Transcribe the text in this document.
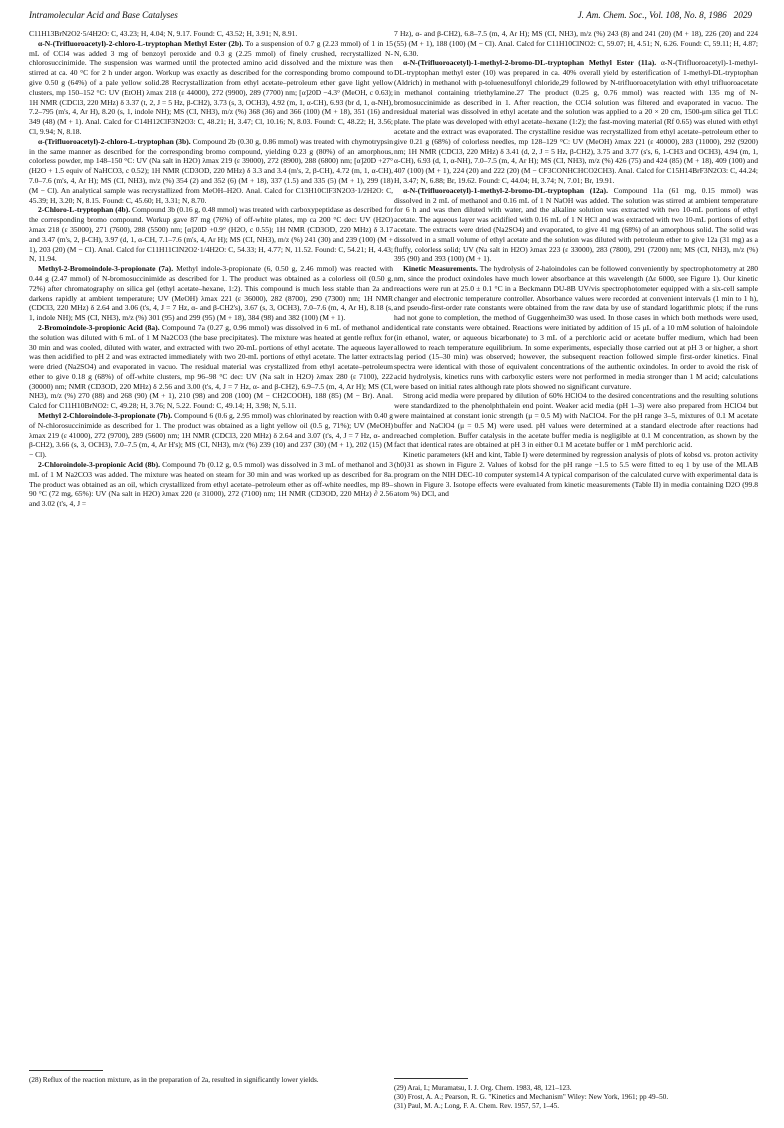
Intramolecular Acid and Base Catalyses	J. Am. Chem. Soc., Vol. 108, No. 8, 1986 2029

C11H13BrN2O2·5/4H2O: C, 43.23; H, 4.04; N, 9.17. Found: C, 43.52; H, 3.91; N, 8.91.

α-N-(Trifluoroacetyl)-2-chloro-L-tryptophan Methyl Ester (2b). To a suspension of 0.7 g (2.23 mmol) of 1 in 15 mL of CCl4 was added 3 mg of benzoyl peroxide and 0.3 g (2.25 mmol) of finely crushed, recrystallized N-chlorosuccinimide. The suspension was warmed until the protected amino acid dissolved and the mixture was then stirred at ca. 40 °C for 2 h under argon. Workup was exactly as described for the corresponding bromo compound to give 0.50 g (64%) of a pale yellow solid.28 Recrystallization from ethyl acetate–petroleum ether gave light yellow clusters, mp 150–152 °C: UV (EtOH) λmax 218 (ε 44000), 272 (9900), 289 (7700) nm; [α]20D −4.3° (MeOH, c 0.63); 1H NMR (CDCl3, 220 MHz) δ 3.37 (t, 2, J = 5 Hz, β-CH2), 3.73 (s, 3, OCH3), 4.92 (m, 1, α-CH), 6.93 (br d, 1, α-NH), 7.2–795 (m's, 4, Ar H), 8.20 (s, 1, indole NH); MS (CI, NH3), m/z (%) 368 (36) and 366 (100) (M + 18), 351 (16) and 349 (48) (M + 1). Anal. Calcd for C14H12ClF3N2O3: C, 48.21; H, 3.47; Cl, 10.16; N, 8.03. Found: C, 48.22; H, 3.56; Cl, 9.94; N, 8.18.

α-(Trifluoroacetyl)-2-chloro-L-tryptophan (3b). Compound 2b (0.30 g, 0.86 mmol) was treated with chymotrypsin in the same manner as described for the corresponding bromo compound, yielding 0.23 g (80%) of an amorphous, colorless powder, mp 148–150 °C: UV (Na salt in H2O) λmax 219 (ε 39000), 272 (8900), 288 (6800) nm; [α]20D +27° (H2O + 1.5 equiv of NaHCO3, c 0.52); 1H NMR (CD3OD, 220 MHz) δ 3.3 and 3.4 (m's, 2, β-CH), 4.72 (m, 1, α-CH), 7.0–7.6 (m's, 4, Ar H); MS (CI, NH3), m/z (%) 354 (2) and 352 (6) (M + 18), 337 (1.5) and 335 (5) (M + 1), 299 (18) (M − Cl). An analytical sample was recrystallized from MeOH–H2O. Anal. Calcd for C13H10ClF3N2O3·1/2H2O: C, 45.39; H, 3.20; N, 8.15. Found: C, 45.60; H, 3.31; N, 8.70.

2-Chloro-L-tryptophan (4b). Compound 3b (0.16 g, 0.48 mmol) was treated with carboxypeptidase as described for the corresponding bromo compound. Workup gave 87 mg (76%) of off-white plates, mp ca 200 °C dec: UV (H2O) λmax 218 (ε 35000), 271 (7600), 288 (5500) nm; [α]20D +0.9° (H2O, c 0.55); 1H NMR (CD3OD, 220 MHz) δ 3.17 and 3.47 (m's, 2, β-CH), 3.97 (d, 1, α-CH, 7.1–7.6 (m's, 4, Ar H); MS (CI, NH3), m/z (%) 241 (30) and 239 (100) (M + 1), 203 (20) (M − Cl). Anal. Calcd for C11H11ClN2O2·1/4H2O: C, 54.33; H, 4.77; N, 11.52. Found: C, 54.21; H, 4.43; N, 11.94.

Methyl-2-Bromoindole-3-propionate (7a). Methyl indole-3-propionate (6, 0.50 g, 2.46 mmol) was reacted with 0.44 g (2.47 mmol) of N-bromosuccinimide as described for 1. The product was obtained as a colorless oil (0.50 g, 72%) after chromatography on silica gel (ethyl acetate–hexane, 1:2). This compound is much less stable than 2a and darkens rapidly at ambient temperature; UV (MeOH) λmax 221 (ε 36000), 282 (8700), 290 (7300) nm; 1H NMR (CDCl3, 220 MHz) δ 2.64 and 3.06 (t's, 4, J = 7 Hz, α- and β-CH2's), 3.67 (s, 3, OCH3), 7.0–7.6 (m, 4, Ar H), 8.18 (s, 1, indole NH); MS (CI, NH3), m/z (%) 301 (95) and 299 (95) (M + 18), 384 (98) and 382 (100) (M + 1).

2-Bromoindole-3-propionic Acid (8a). Compound 7a (0.27 g, 0.96 mmol) was dissolved in 6 mL of methanol and the solution was diluted with 6 mL of 1 M Na2CO3 (the base precipitates). The mixture was heated at gentle reflux for 30 min and was cooled, diluted with water, and extracted with two 20-mL portions of ethyl acetate. The aqueous layer was then acidified to pH 2 and was extracted immediately with two 20-mL portions of ethyl acetate. The latter extracts were dried (Na2SO4) and evaporated in vacuo. The residual material was crystallized from ethyl acetate–petroleum ether to give 0.18 g (68%) of off-white clusters, mp 96–98 °C dec: UV (Na salt in H2O) λmax 280 (ε 7100), 222 (30000) nm; NMR (CD3OD, 220 MHz) δ 2.56 and 3.00 (t's, 4, J = 7 Hz, α- and β-CH2), 6.9–7.5 (m, 4, Ar H); MS (CI, NH3), m/z (%) 270 (88) and 268 (90) (M + 1), 210 (98) and 208 (100) (M − CH2COOH), 188 (85) (M − Br). Anal. Calcd for C11H10BrNO2: C, 49.28; H, 3.76; N, 5.22. Found: C, 49.14; H, 3.98; N, 5.11.

Methyl 2-Chloroindole-3-propionate (7b). Compound 6 (0.6 g, 2.95 mmol) was chlorinated by reaction with 0.40 g of N-chlorosuccinimide as described for 1. The product was obtained as a light yellow oil (0.5 g, 71%); UV (MeOH) λmax 219 (ε 41000), 272 (9700), 289 (5600) nm; 1H NMR (CDCl3, 220 MHz) δ 2.64 and 3.07 (t's, 4, J = 7 Hz, α- and β-CH2), 3.66 (s, 3, OCH3), 7.0–7.5 (m, 4, Ar H's); MS (CI, NH3), m/z (%) 239 (10) and 237 (30) (M + 1), 202 (15) (M − Cl).

2-Chloroindole-3-propionic Acid (8b). Compound 7b (0.12 g, 0.5 mmol) was dissolved in 3 mL of methanol and 3 mL of 1 M Na2CO3 was added. The mixture was heated on steam for 30 min and was worked up as described for 8a. The product was obtained as an oil, which crystallized from ethyl acetate–petroleum ether as off-white needles, mp 89–90 °C (72 mg, 65%): UV (Na salt in H2O) λmax 220 (ε 31000), 272 (7100) nm; 1H NMR (CD3OD, 220 MHz) ∂ 2.56 and 3.02 (t's, 4, J =

7 Hz), α- and β-CH2), 6.8–7.5 (m, 4, Ar H); MS (CI, NH3), m/z (%) 243 (8) and 241 (20) (M + 18), 226 (20) and 224 (55) (M + 1), 188 (100) (M − Cl). Anal. Calcd for C11H10ClNO2: C, 59.07; H, 4.51; N, 6.26. Found: C, 59.11; H, 4.87; N, 6.30.

α-N-(Trifluoroacetyl)-1-methyl-2-bromo-DL-tryptophan Methyl Ester (11a). α-N-(Trifluoroacetyl)-1-methyl-DL-tryptophan methyl ester (10) was prepared in ca. 40% overall yield by esterification of 1-methyl-DL-tryptophan (Aldrich) in methanol with p-toluenesulfonyl chloride,29 followed by N-trifluoroacetylation with ethyl trifluoroacetate in methanol containing triethylamine.27 The product (0.25 g, 0.76 mmol) was reacted with 135 mg of N-bromosuccinimide as described in 1. After reaction, the CCl4 solution was filtered and evaporated in vacuo. The residual material was dissolved in ethyl acetate and the solution was applied to a 20 × 20 cm, 1500-μm silica gel TLC plate. The plate was developed with ethyl acetate–hexane (1:2); the fast-moving material (Rf 0.65) was eluted with ethyl acetate and the extract was evaporated. The crystalline residue was recrystallized from ethyl acetate–petroleum ether to give 0.21 g (68%) of colorless needles, mp 128–129 °C: UV (MeOH) λmax 221 (ε 40000), 283 (11000), 292 (9200) nm; 1H NMR (CDCl3, 220 MHz) δ 3.41 (d, 2, J = 5 Hz, β-CH2), 3.75 and 3.77 (s's, 6, 1-CH3 and OCH3), 4.94 (m, 1, α-CH), 6.93 (d, 1, α-NH), 7.0–7.5 (m, 4, Ar H); MS (CI, NH3), m/z (%) 426 (75) and 424 (85) (M + 18), 409 (100) and 407 (100) (M + 1), 224 (20) and 222 (20) (M − CF3CONHCHCO2CH3). Anal. Calcd for C15H14BrF3N2O3: C, 44.24; H, 3.47; N, 6.88; Br, 19.62. Found: C, 44.04; H, 3.74; N, 7.01; Br, 19.91.

α-N-(Trifluoroacetyl)-1-methyl-2-bromo-DL-tryptophan (12a). Compound 11a (61 mg, 0.15 mmol) was dissolved in 2 mL of methanol and 0.16 mL of 1 N NaOH was added. The solution was stirred at ambient temperature for 6 h and was then diluted with water, and the alkaline solution was extracted with two 10-mL portions of ethyl acetate. The aqueous layer was acidified with 0.16 mL of 1 N HCl and was extracted with two 10-mL portions of ethyl acetate. The extracts were dried (Na2SO4) and evaporated, to give 41 mg (68%) of an amorphous solid. The solid was dissolved in a small volume of ethyl acetate and the solution was diluted with petroleum ether to give 12a (31 mg) as a fluffy, colorless solid; UV (Na salt in H2O) λmax 223 (ε 33000), 283 (7800), 291 (7200) nm; MS (CI, NH3), m/z (%) 395 (90) and 393 (100) (M + 1).

Kinetic Measurements. The hydrolysis of 2-haloindoles can be followed conveniently by spectrophotometry at 280 nm, since the product oxindoles have much lower absorbance at this wavelength (Δε 6000, see Figure 1). Our kinetic reactions were run at 25.0 ± 0.1 °C in a Beckmann DU-8B UV/vis spectrophotometer equipped with a six-cell sample changer and electronic temperature controller. Absorbance values were recorded at convenient intervals (1 min to 1 h), and pseudo-first-order rate constants were obtained from the raw data by use of standard logarithmic plots; if the runs had not gone to completion, the method of Guggenheim30 was used. In those cases in which both methods were used, identical rate constants were obtained. Reactions were initiated by addition of 15 μL of a 10 mM solution of haloindole (in ethanol, water, or aqueous bicarbonate) to 3 mL of a perchloric acid or acetate buffer medium, which had been allowed to reach temperature equilibrium. In some experiments, especially those carried out at pH 3 or higher, a short lag period (15–30 min) was observed; however, the subsequent reaction followed simple first-order kinetics. Final spectra were identical with those of equivalent concentrations of the authentic oxindoles. In order to avoid the risk of acid hydrolysis, kinetics runs with carboxylic esters were not performed in media stronger than 1 M acid; calculations were based on initial rates although rate plots showed no significant curvature.

Strong acid media were prepared by dilution of 60% HClO4 to the desired concentrations and the resulting solutions were standardized to the phenolphthalein end point. Weaker acid media (pH 1–3) were also prepared from HClO4 but were maintained at constant ionic strength (μ = 0.5 M) with NaClO4. For the pH range 3–5, mixtures of 0.1 M acetate buffer and NaClO4 (μ = 0.5 M) were used. pH values were determined at a standard electrode after reactions had reached completion. Buffer catalysis in the acetate buffer media is negligible at 0.1 M concentration, as shown by the fact that identical rates are obtained at pH 3 in either 0.1 M acetate buffer or 1 mM perchloric acid.

Kinetic parameters (kH and kint, Table I) were determined by regression analysis of plots of kobsd vs. proton activity (h0)31 as shown in Figure 2. Values of kobsd for the pH range −1.5 to 5.5 were fitted to eq 1 by use of the MLAB program on the NIH DEC-10 computer system14 A typical comparison of the calculated curve with experimental data is shown in Figure 3. Isotope effects were evaluated from kinetic measurements (Table II) in media containing D2O (99.8 atom %) DCl, and

(28) Reflux of the reaction mixture, as in the preparation of 2a, resulted in significantly lower yields.

(29) Arai, I.; Muramatsu, I. J. Org. Chem. 1983, 48, 121–123.

(30) Frost, A. A.; Pearson, R. G. "Kinetics and Mechanism" Wiley: New York, 1961; pp 49–50.

(31) Paul, M. A.; Long, F. A. Chem. Rev. 1957, 57, 1–45.
